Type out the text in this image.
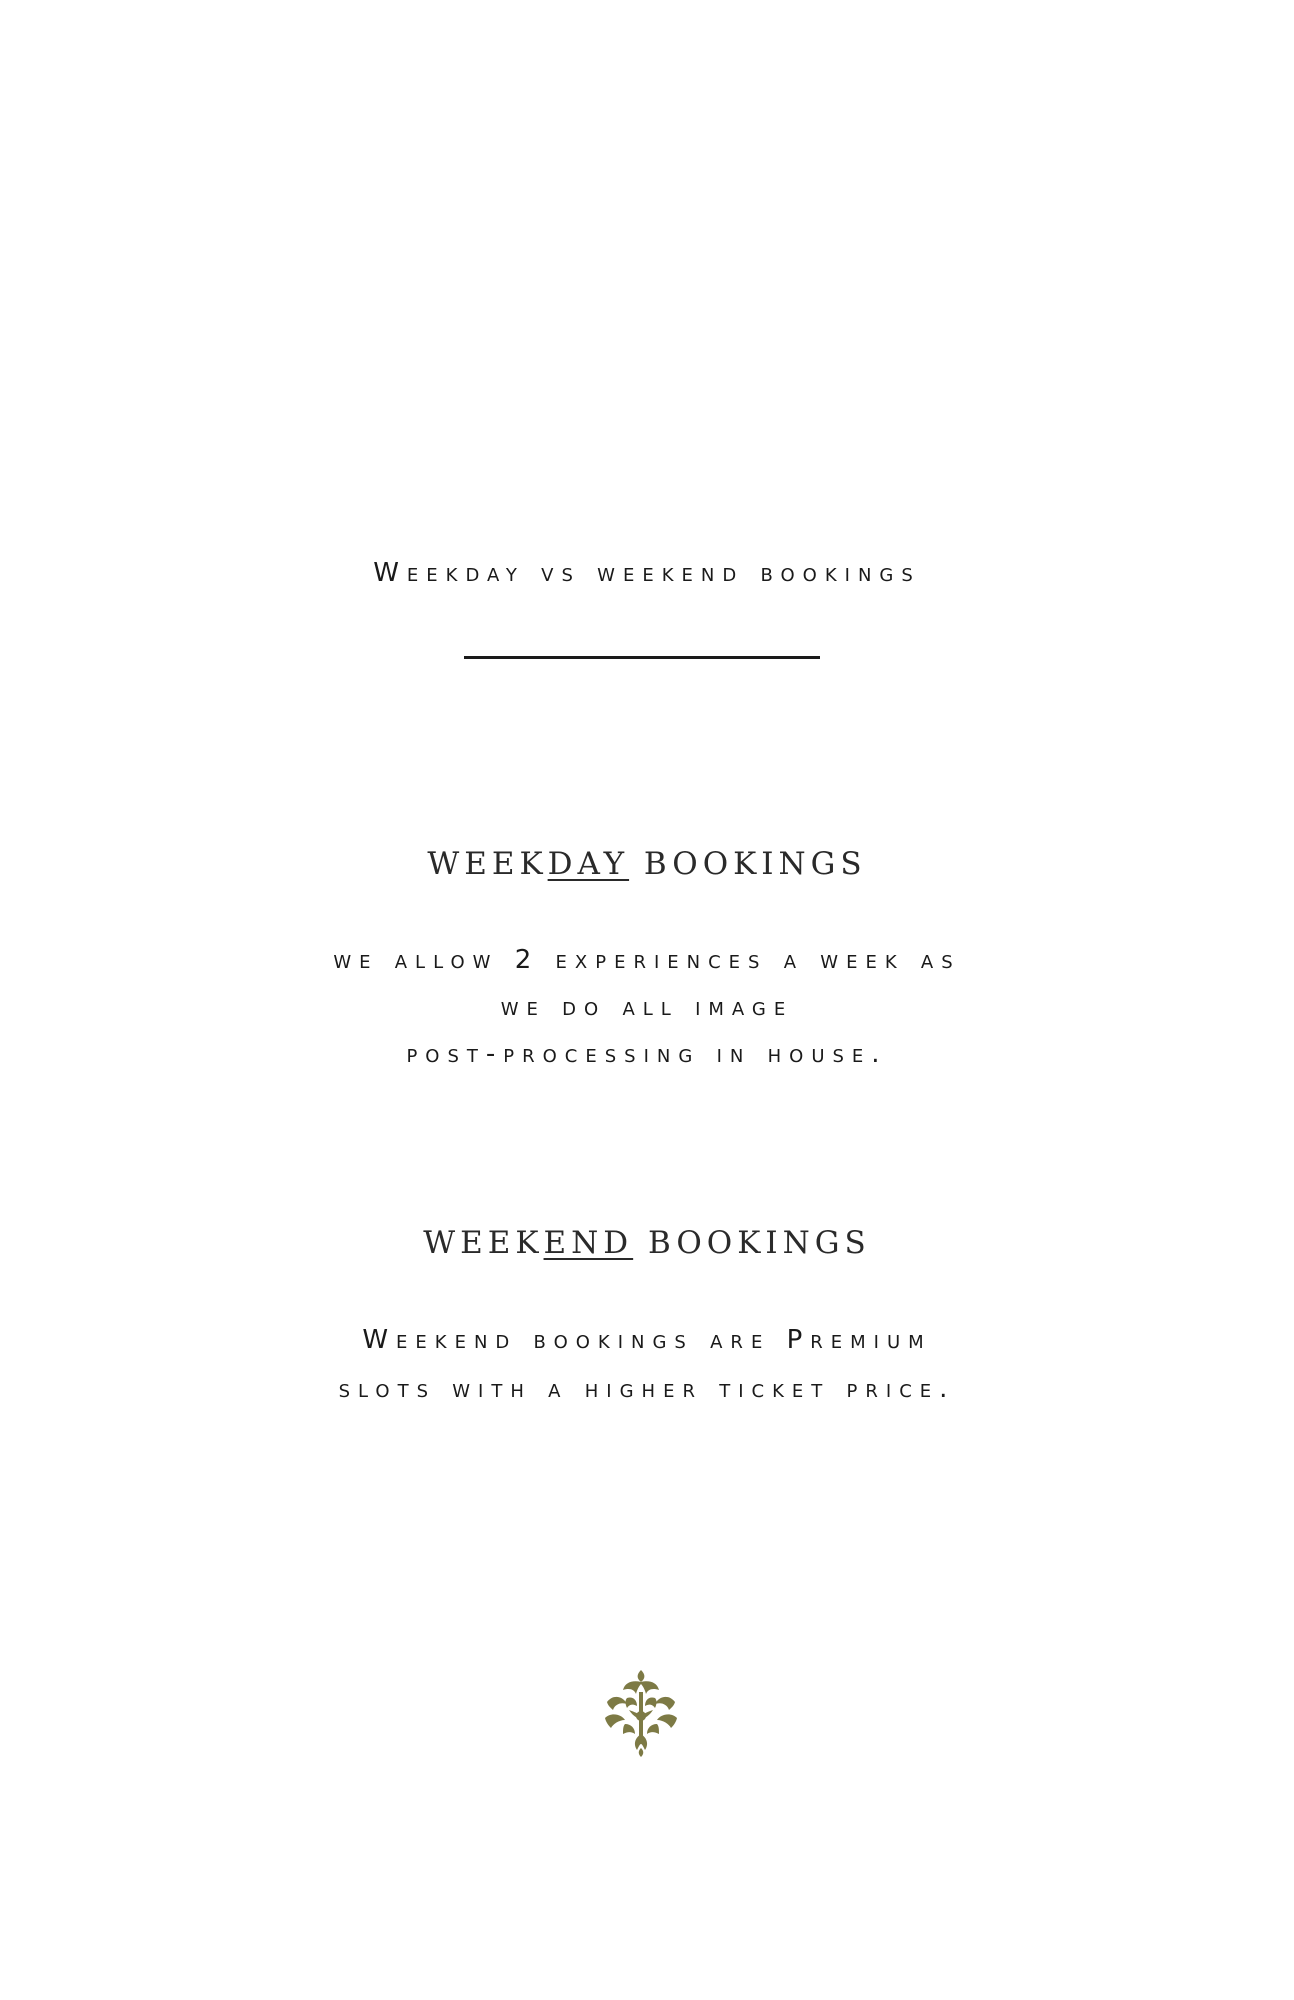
Weekday vs weekend bookings
WEEKDAY BOOKINGS
we allow 2 experiences a week as
we do all image
post-processing in house.
WEEKEND BOOKINGS
Weekend bookings are Premium
slots with a higher ticket price.
